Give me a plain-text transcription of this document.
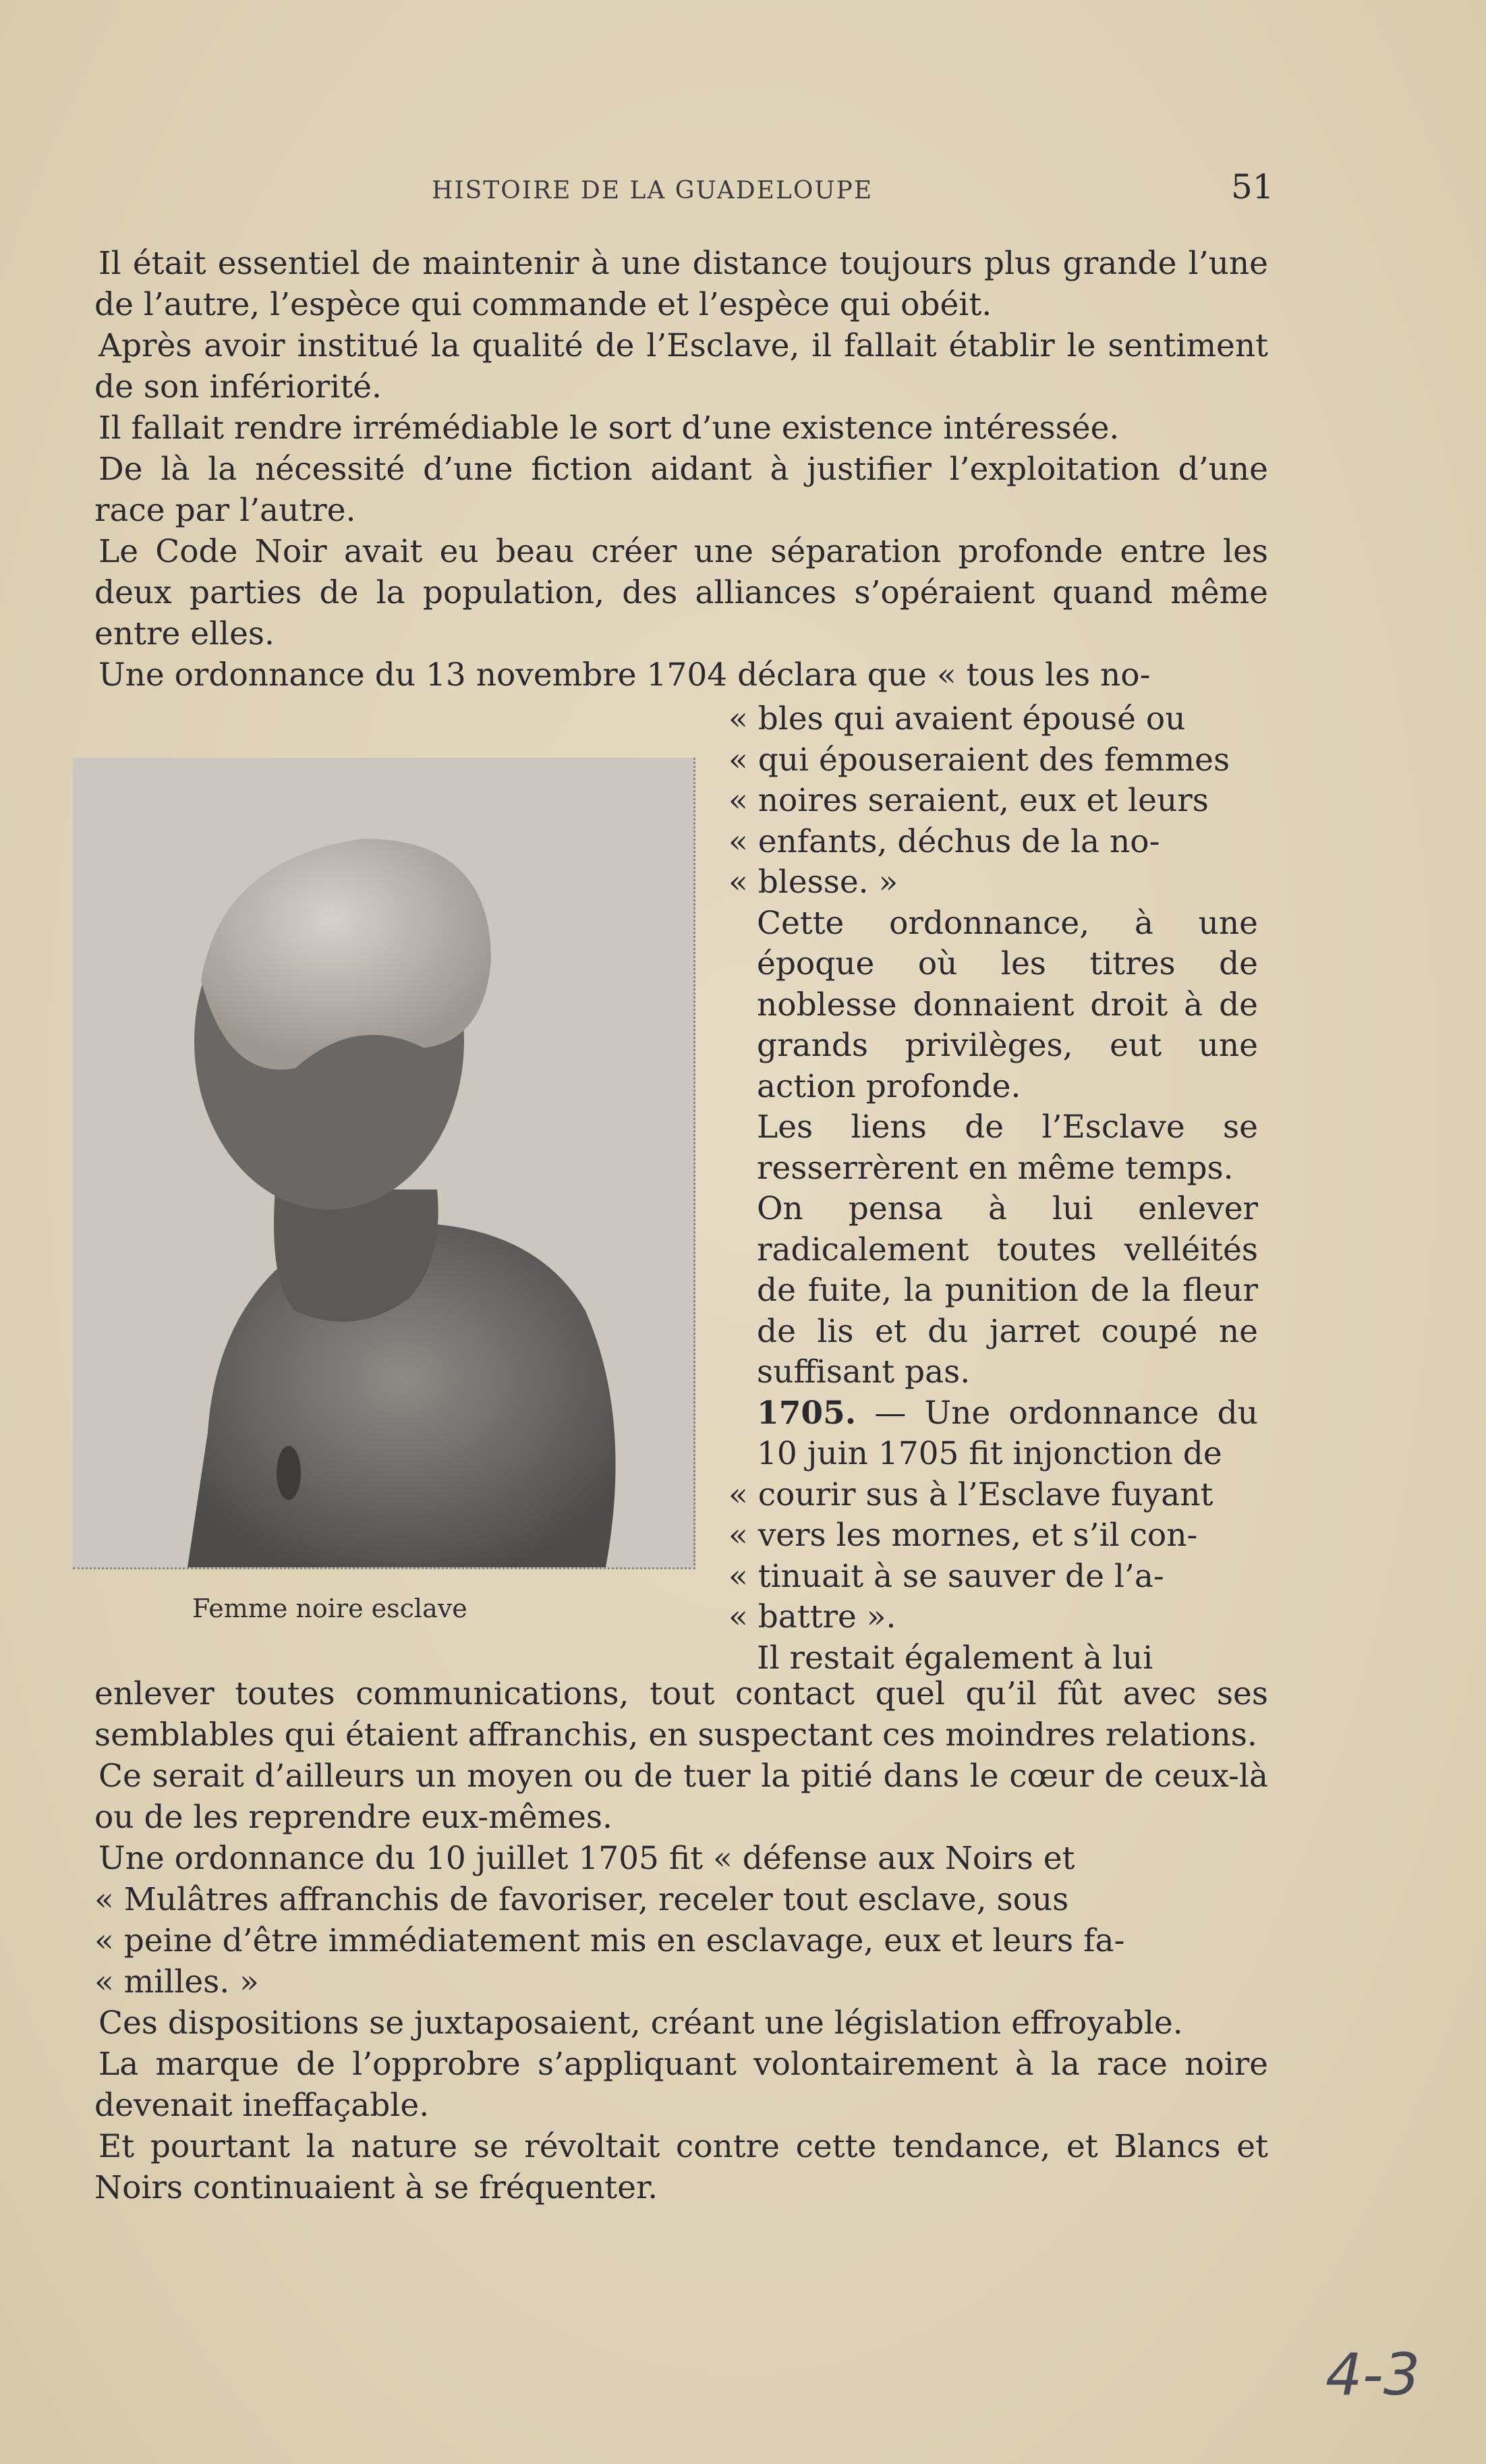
HISTOIRE DE LA GUADELOUPE	51

Il était essentiel de maintenir à une distance toujours plus grande l’une de l’autre, l’espèce qui commande et l’espèce qui obéit.

Après avoir institué la qualité de l’Esclave, il fallait établir le sentiment de son infériorité.

Il fallait rendre irrémédiable le sort d’une existence intéressée.

De là la nécessité d’une fiction aidant à justifier l’exploitation d’une race par l’autre.

Le Code Noir avait eu beau créer une séparation profonde entre les deux parties de la population, des alliances s’opéraient quand même entre elles.

Une ordonnance du 13 novembre 1704 déclara que « tous les no-

Femme noire esclave

« bles qui avaient épousé ou

« qui épouseraient des femmes

« noires seraient, eux et leurs

« enfants, déchus de la no-

« blesse. »

Cette ordonnance, à une époque où les titres de noblesse donnaient droit à de grands privilèges, eut une action profonde.

Les liens de l’Esclave se resserrèrent en même temps.

On pensa à lui enlever radicalement toutes velléités de fuite, la punition de la fleur de lis et du jarret coupé ne suffisant pas.

1705. — Une ordonnance du 10 juin 1705 fit injonction de

« courir sus à l’Esclave fuyant

« vers les mornes, et s’il con-

« tinuait à se sauver de l’a-

« battre ».

Il restait également à lui

enlever toutes communications, tout contact quel qu’il fût avec ses semblables qui étaient affranchis, en suspectant ces moindres relations.

Ce serait d’ailleurs un moyen ou de tuer la pitié dans le cœur de ceux-là ou de les reprendre eux-mêmes.

Une ordonnance du 10 juillet 1705 fit « défense aux Noirs et

« Mulâtres affranchis de favoriser, receler tout esclave, sous

« peine d’être immédiatement mis en esclavage, eux et leurs fa-

« milles. »

Ces dispositions se juxtaposaient, créant une législation effroyable.

La marque de l’opprobre s’appliquant volontairement à la race noire devenait ineffaçable.

Et pourtant la nature se révoltait contre cette tendance, et Blancs et Noirs continuaient à se fréquenter.

4-3
